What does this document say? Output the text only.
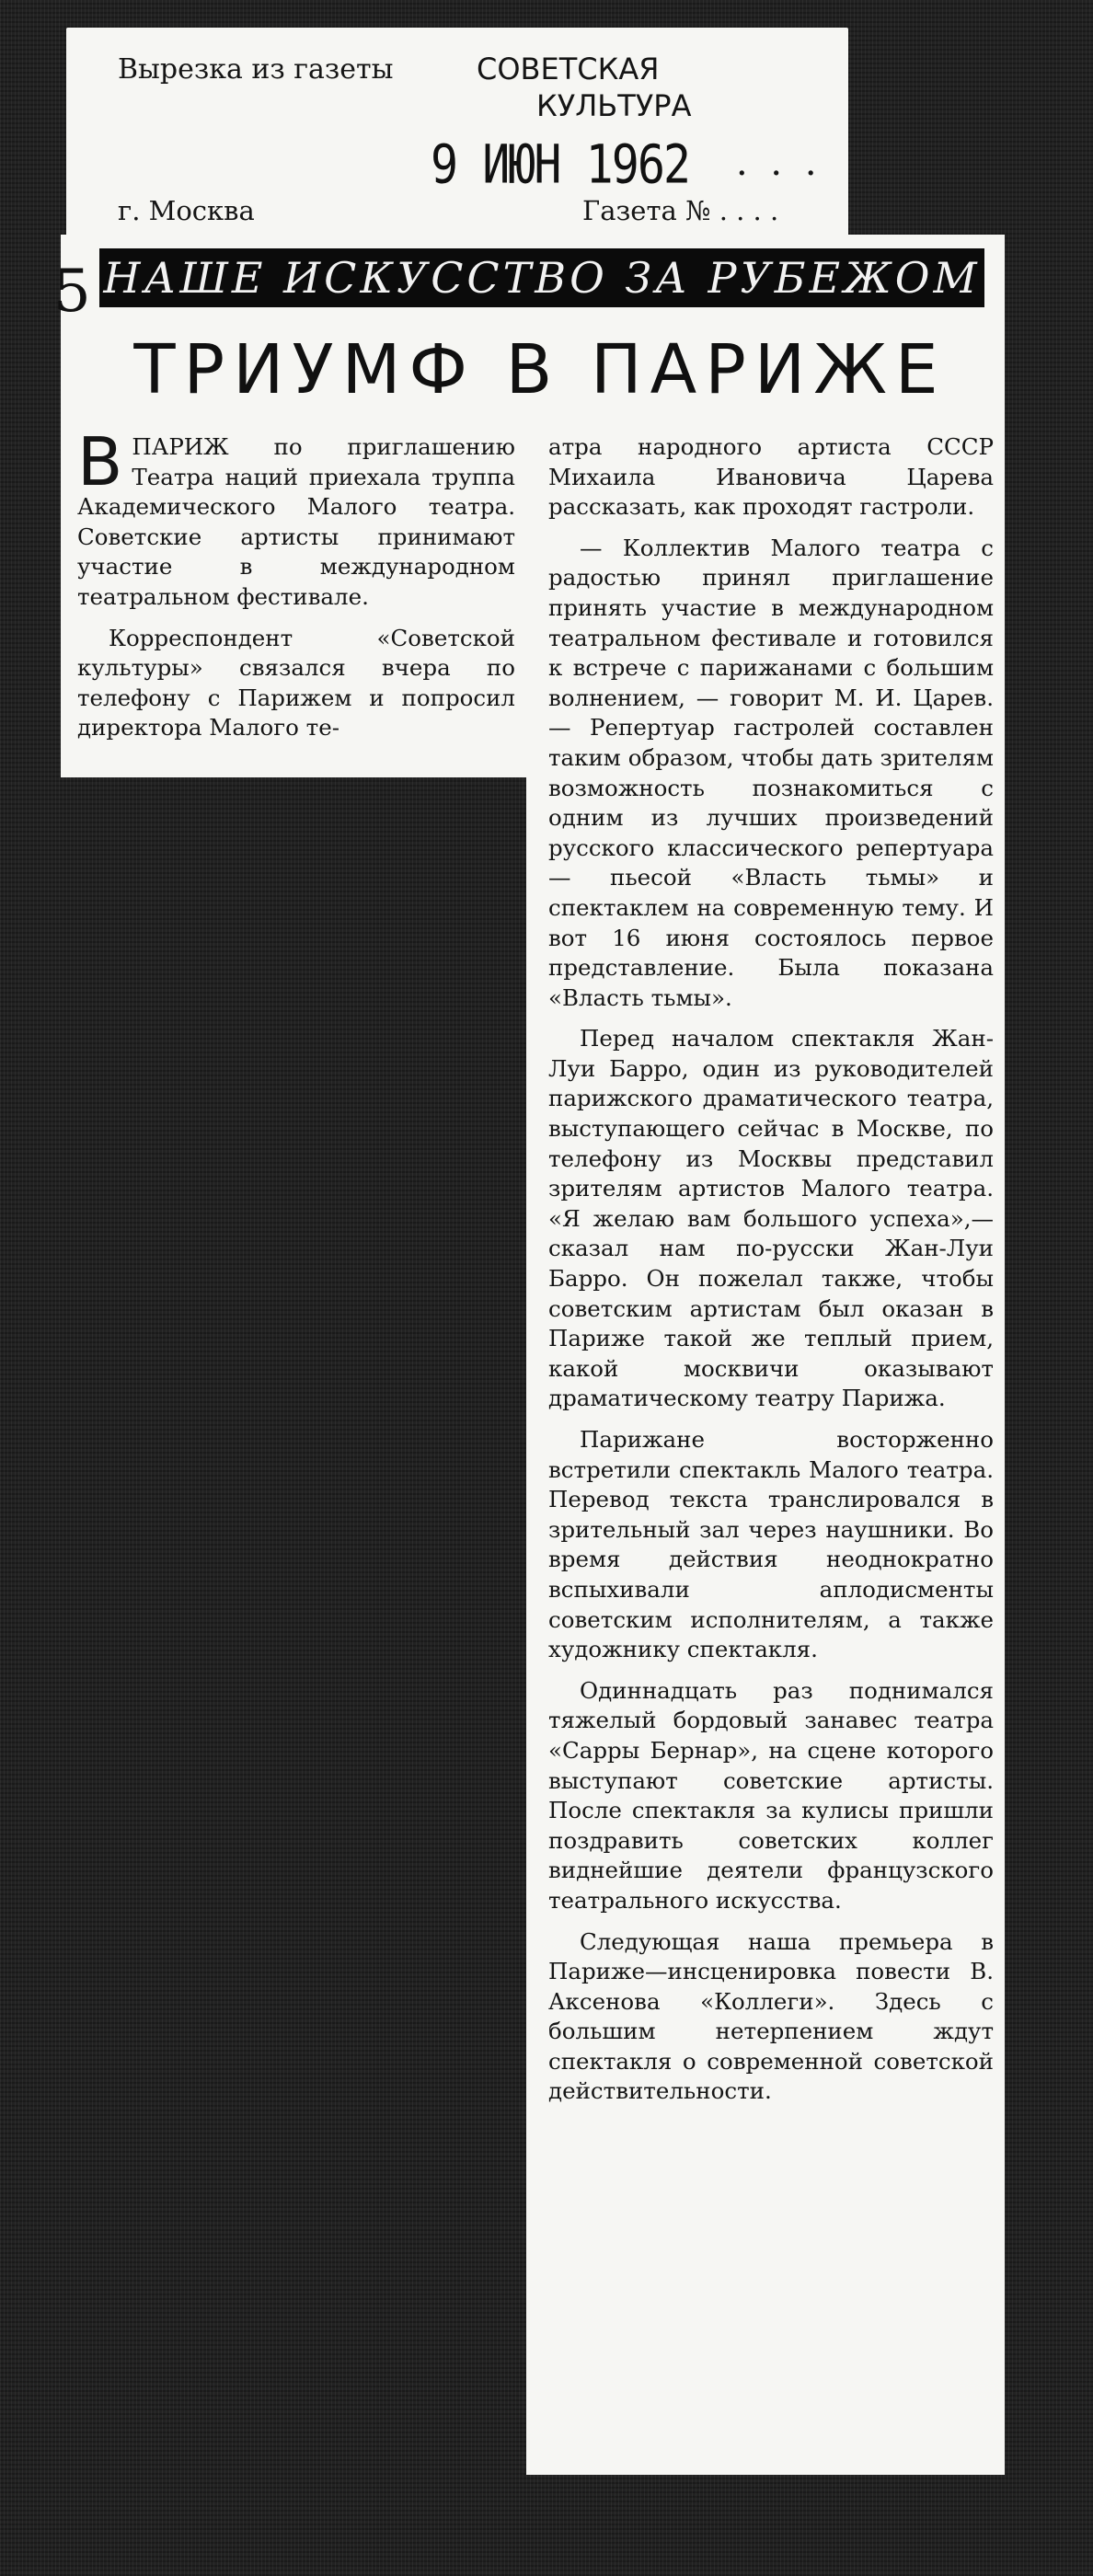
Вырезка из газеты	СОВЕТСКАЯ
КУЛЬТУРА
9 ИЮН 1962 · · ·
г. Москва	Газета № . . . .
5 НАШЕ ИСКУССТВО ЗА РУБЕЖОМ
ТРИУМФ В ПАРИЖЕ

В ПАРИЖ по приглашению Театра наций приехала труппа Академического Малого театра. Советские артисты принимают участие в международном театральном фестивале.

Корреспондент «Советской культуры» связался вчера по телефону с Парижем и попросил директора Малого те-

атра народного артиста СССР Михаила Ивановича Царева рассказать, как проходят гастроли.

— Коллектив Малого театра с радостью принял приглашение принять участие в международном театральном фестивале и готовился к встрече с парижанами с большим волнением, — говорит М. И. Царев. — Репертуар гастролей составлен таким образом, чтобы дать зрителям возможность познакомиться с одним из лучших произведений русского классического репертуара — пьесой «Власть тьмы» и спектаклем на современную тему. И вот 16 июня состоялось первое представление. Была показана «Власть тьмы».

Перед началом спектакля Жан-Луи Барро, один из руководителей парижского драматического театра, выступающего сейчас в Москве, по телефону из Москвы представил зрителям артистов Малого театра. «Я желаю вам большого успеха»,— сказал нам по-русски Жан-Луи Барро. Он пожелал также, чтобы советским артистам был оказан в Париже такой же теплый прием, какой москвичи оказывают драматическому театру Парижа.

Парижане восторженно встретили спектакль Малого театра. Перевод текста транслировался в зрительный зал через наушники. Во время действия неоднократно вспыхивали аплодисменты советским исполнителям, а также художнику спектакля.

Одиннадцать раз поднимался тяжелый бордовый занавес театра «Сарры Бернар», на сцене которого выступают советские артисты. После спектакля за кулисы пришли поздравить советских коллег виднейшие деятели французского театрального искусства.

Следующая наша премьера в Париже—инсценировка повести В. Аксенова «Коллеги». Здесь с большим нетерпением ждут спектакля о современной советской действительности.
